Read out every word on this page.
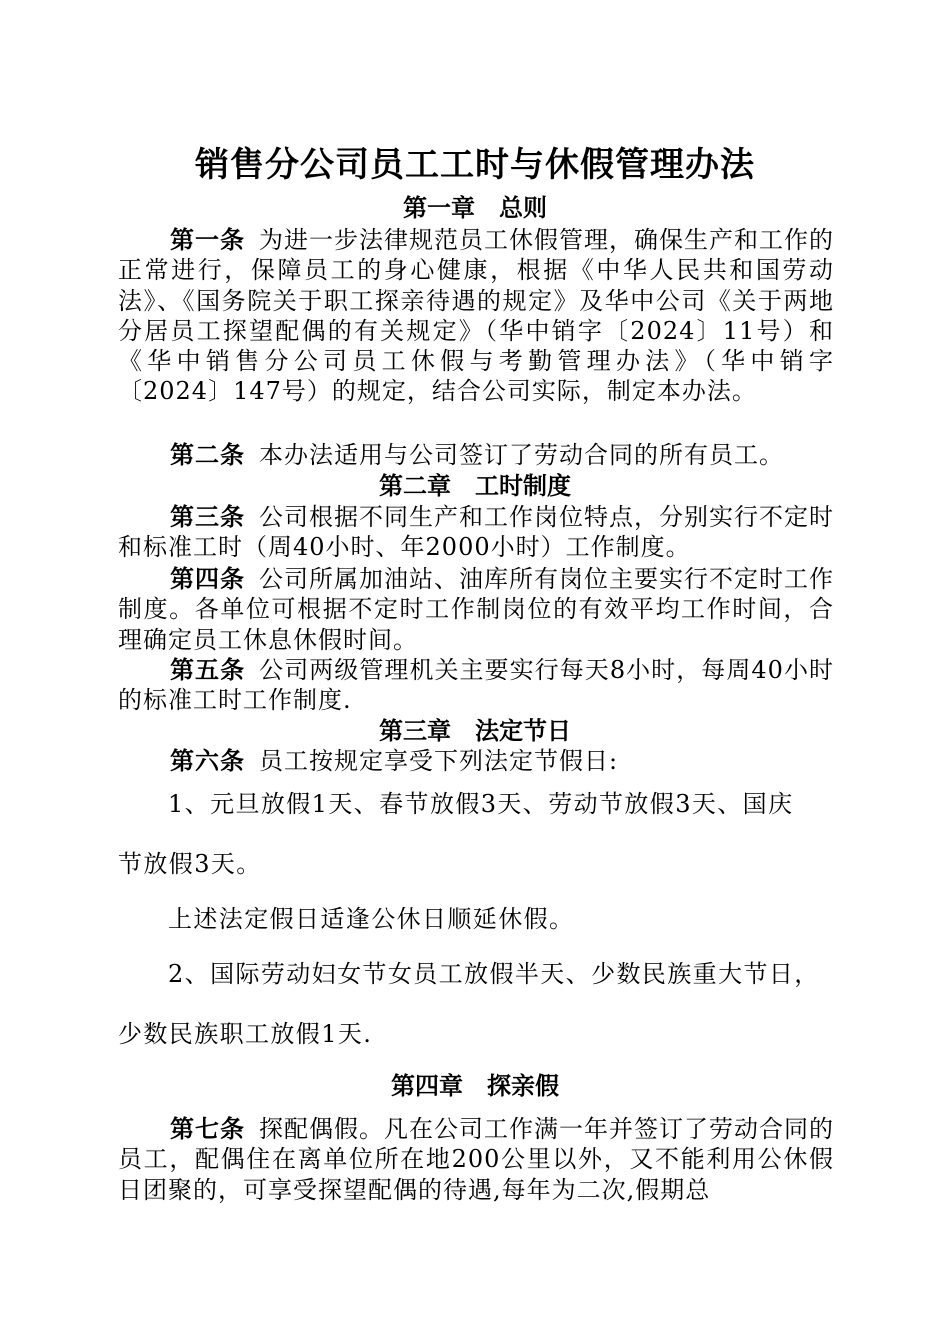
销售分公司员工工时与休假管理办法
第一章　总则

第一条 为进一步法律规范员工休假管理，确保生产和工作的正常进行，保障员工的身心健康，根据《中华人民共和国劳动法》、《国务院关于职工探亲待遇的规定》及华中公司《关于两地分居员工探望配偶的有关规定》（华中销字〔2024〕11号）和《华中销售分公司员工休假与考勤管理办法》（华中销字〔2024〕147号）的规定，结合公司实际，制定本办法。

第二条 本办法适用与公司签订了劳动合同的所有员工。

第二章　工时制度

第三条 公司根据不同生产和工作岗位特点，分别实行不定时和标准工时（周40小时、年2000小时）工作制度。

第四条 公司所属加油站、油库所有岗位主要实行不定时工作制度。各单位可根据不定时工作制岗位的有效平均工作时间，合理确定员工休息休假时间。

第五条 公司两级管理机关主要实行每天8小时，每周40小时的标准工时工作制度.

第三章　法定节日

第六条 员工按规定享受下列法定节假日:

1、元旦放假1天、春节放假3天、劳动节放假3天、国庆

节放假3天。

上述法定假日适逢公休日顺延休假。

2、国际劳动妇女节女员工放假半天、少数民族重大节日，

少数民族职工放假1天.

第四章　探亲假

第七条 探配偶假。凡在公司工作满一年并签订了劳动合同的员工，配偶住在离单位所在地200公里以外，又不能利用公休假日团聚的，可享受探望配偶的待遇,每年为二次,假期总
